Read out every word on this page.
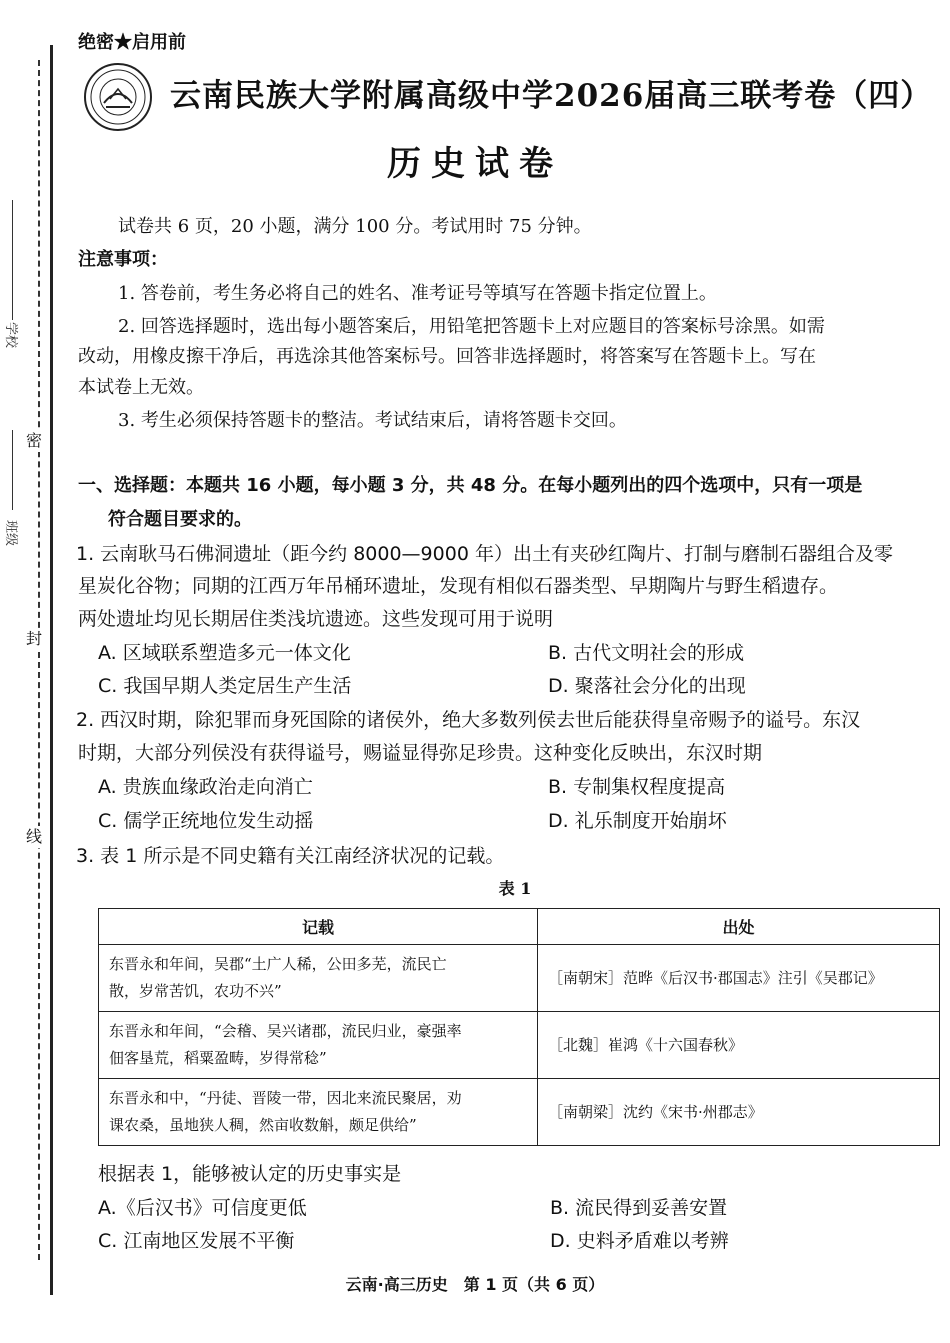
绝密★启用前
学校
班级
密
封
线
云南民族大学附属高级中学2026届高三联考卷（四）
历史试卷
试卷共 6 页，20 小题，满分 100 分。考试用时 75 分钟。
注意事项：
1. 答卷前，考生务必将自己的姓名、准考证号等填写在答题卡指定位置上。
2. 回答选择题时，选出每小题答案后，用铅笔把答题卡上对应题目的答案标号涂黑。如需
改动，用橡皮擦干净后，再选涂其他答案标号。回答非选择题时，将答案写在答题卡上。写在
本试卷上无效。
3. 考生必须保持答题卡的整洁。考试结束后，请将答题卡交回。
一、选择题：本题共 16 小题，每小题 3 分，共 48 分。在每小题列出的四个选项中，只有一项是
符合题目要求的。
1. 云南耿马石佛洞遗址（距今约 8000—9000 年）出土有夹砂红陶片、打制与磨制石器组合及零
星炭化谷物；同期的江西万年吊桶环遗址，发现有相似石器类型、早期陶片与野生稻遗存。
两处遗址均见长期居住类浅坑遗迹。这些发现可用于说明
A. 区域联系塑造多元一体文化	B. 古代文明社会的形成
C. 我国早期人类定居生产生活	D. 聚落社会分化的出现
2. 西汉时期，除犯罪而身死国除的诸侯外，绝大多数列侯去世后能获得皇帝赐予的谥号。东汉
时期，大部分列侯没有获得谥号，赐谥显得弥足珍贵。这种变化反映出，东汉时期
A. 贵族血缘政治走向消亡	B. 专制集权程度提高
C. 儒学正统地位发生动摇	D. 礼乐制度开始崩坏
3. 表 1 所示是不同史籍有关江南经济状况的记载。
表 1
记载	出处

东晋永和年间，吴郡“土广人稀，公田多芜，流民亡
散，岁常苦饥，农功不兴”	［南朝宋］范晔《后汉书·郡国志》注引《吴郡记》

东晋永和年间，“会稽、吴兴诸郡，流民归业，豪强率
佃客垦荒，稻粟盈畴，岁得常稔”	［北魏］崔鸿《十六国春秋》

东晋永和中，“丹徒、晋陵一带，因北来流民聚居，劝
课农桑，虽地狭人稠，然亩收数斛，颇足供给”	［南朝梁］沈约《宋书·州郡志》
根据表 1，能够被认定的历史事实是
A.《后汉书》可信度更低	B. 流民得到妥善安置
C. 江南地区发展不平衡	D. 史料矛盾难以考辨
云南·高三历史　第 1 页（共 6 页）
